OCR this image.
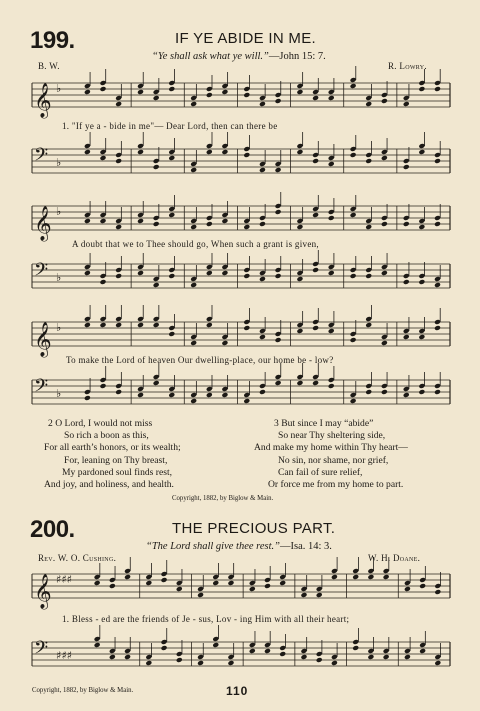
199.	IF YE ABIDE IN ME.
“Ye shall ask what ye will.”—John 15: 7.
B. W.	R. Lowry.
𝄞 ♭
1. "If ye a - bide in me"— Dear Lord, then can there be
𝄢 ♭
𝄞 ♭
A doubt that we to Thee should go, When such a grant is given,
𝄢 ♭
𝄞 ♭
To make the Lord of heaven Our dwelling-place, our home be - low?
𝄢 ♭
2 O Lord, I would not miss
So rich a boon as this,
For all earth’s honors, or its wealth;
For, leaning on Thy breast,
My pardoned soul finds rest,
And joy, and holiness, and health.
3 But since I may “abide”
So near Thy sheltering side,
And make my home within Thy heart—
No sin, nor shame, nor grief,
Can fail of sure relief,
Or force me from my home to part.
Copyright, 1882, by Biglow & Main.
200.	THE PRECIOUS PART.
“The Lord shall give thee rest.”—Isa. 14: 3.
Rev. W. O. Cushing.	W. H. Doane.
𝄞 ♯♯♯
1. Bless - ed are the friends of Je - sus, Lov - ing Him with all their heart;
𝄢 ♯♯♯
Copyright, 1882, by Biglow & Main.	110
